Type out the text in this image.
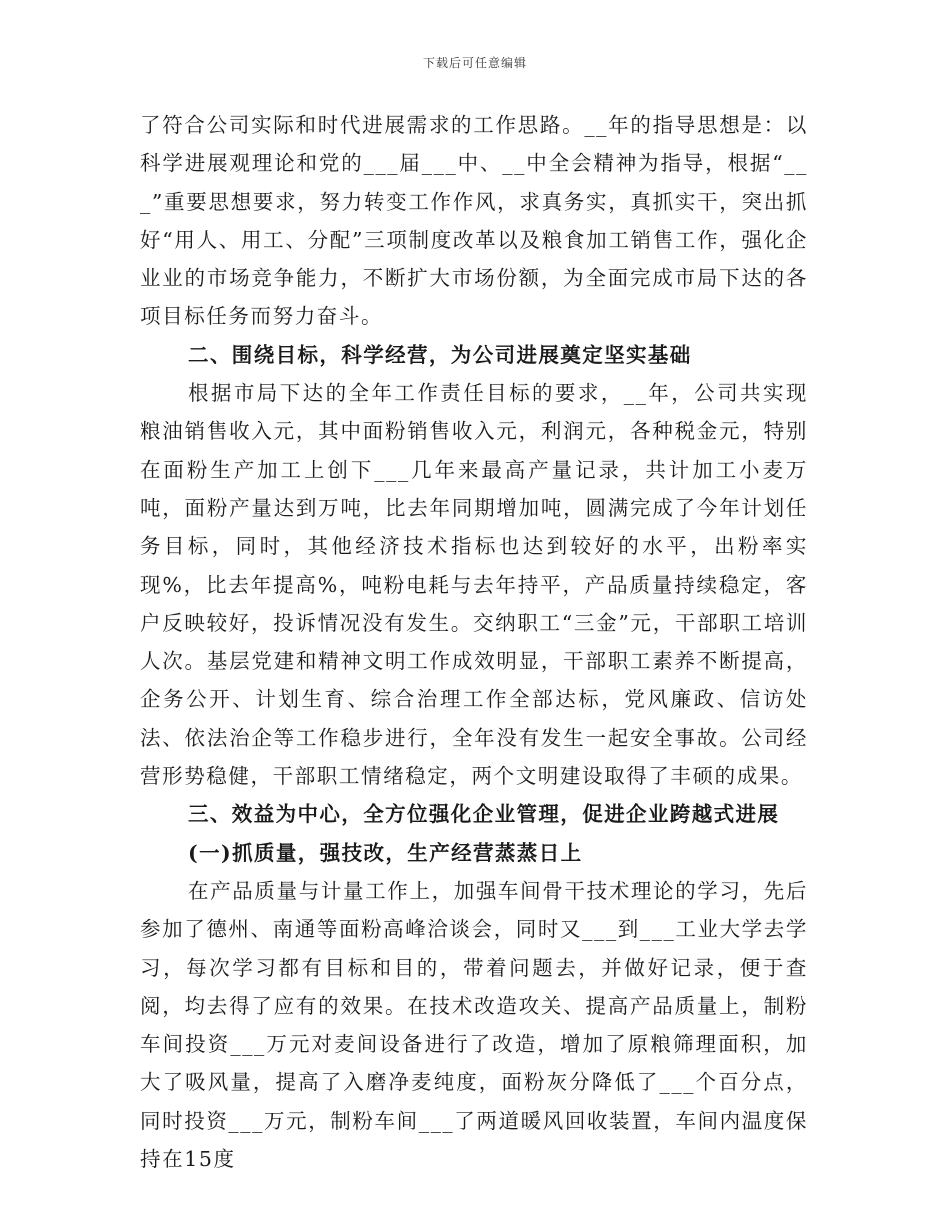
下载后可任意编辑

了符合公司实际和时代进展需求的工作思路。__年的指导思想是：以科学进展观理论和党的___届___中、__中全会精神为指导，根据“___”重要思想要求，努力转变工作作风，求真务实，真抓实干，突出抓好“用人、用工、分配”三项制度改革以及粮食加工销售工作，强化企业业的市场竞争能力，不断扩大市场份额，为全面完成市局下达的各项目标任务而努力奋斗。

二、围绕目标，科学经营，为公司进展奠定坚实基础

根据市局下达的全年工作责任目标的要求，__年，公司共实现粮油销售收入元，其中面粉销售收入元，利润元，各种税金元，特别在面粉生产加工上创下___几年来最高产量记录，共计加工小麦万吨，面粉产量达到万吨，比去年同期增加吨，圆满完成了今年计划任务目标，同时，其他经济技术指标也达到较好的水平，出粉率实现%，比去年提高%，吨粉电耗与去年持平，产品质量持续稳定，客户反映较好，投诉情况没有发生。交纳职工“三金”元，干部职工培训人次。基层党建和精神文明工作成效明显，干部职工素养不断提高，企务公开、计划生育、综合治理工作全部达标，党风廉政、信访处法、依法治企等工作稳步进行，全年没有发生一起安全事故。公司经营形势稳健，干部职工情绪稳定，两个文明建设取得了丰硕的成果。

三、效益为中心，全方位强化企业管理，促进企业跨越式进展

(一)抓质量，强技改，生产经营蒸蒸日上

在产品质量与计量工作上，加强车间骨干技术理论的学习，先后参加了德州、南通等面粉高峰洽谈会，同时又___到___工业大学去学习，每次学习都有目标和目的，带着问题去，并做好记录，便于查阅，均去得了应有的效果。在技术改造攻关、提高产品质量上，制粉车间投资___万元对麦间设备进行了改造，增加了原粮筛理面积，加大了吸风量，提高了入磨净麦纯度，面粉灰分降低了___个百分点，同时投资___万元，制粉车间___了两道暖风回收装置，车间内温度保持在15度
